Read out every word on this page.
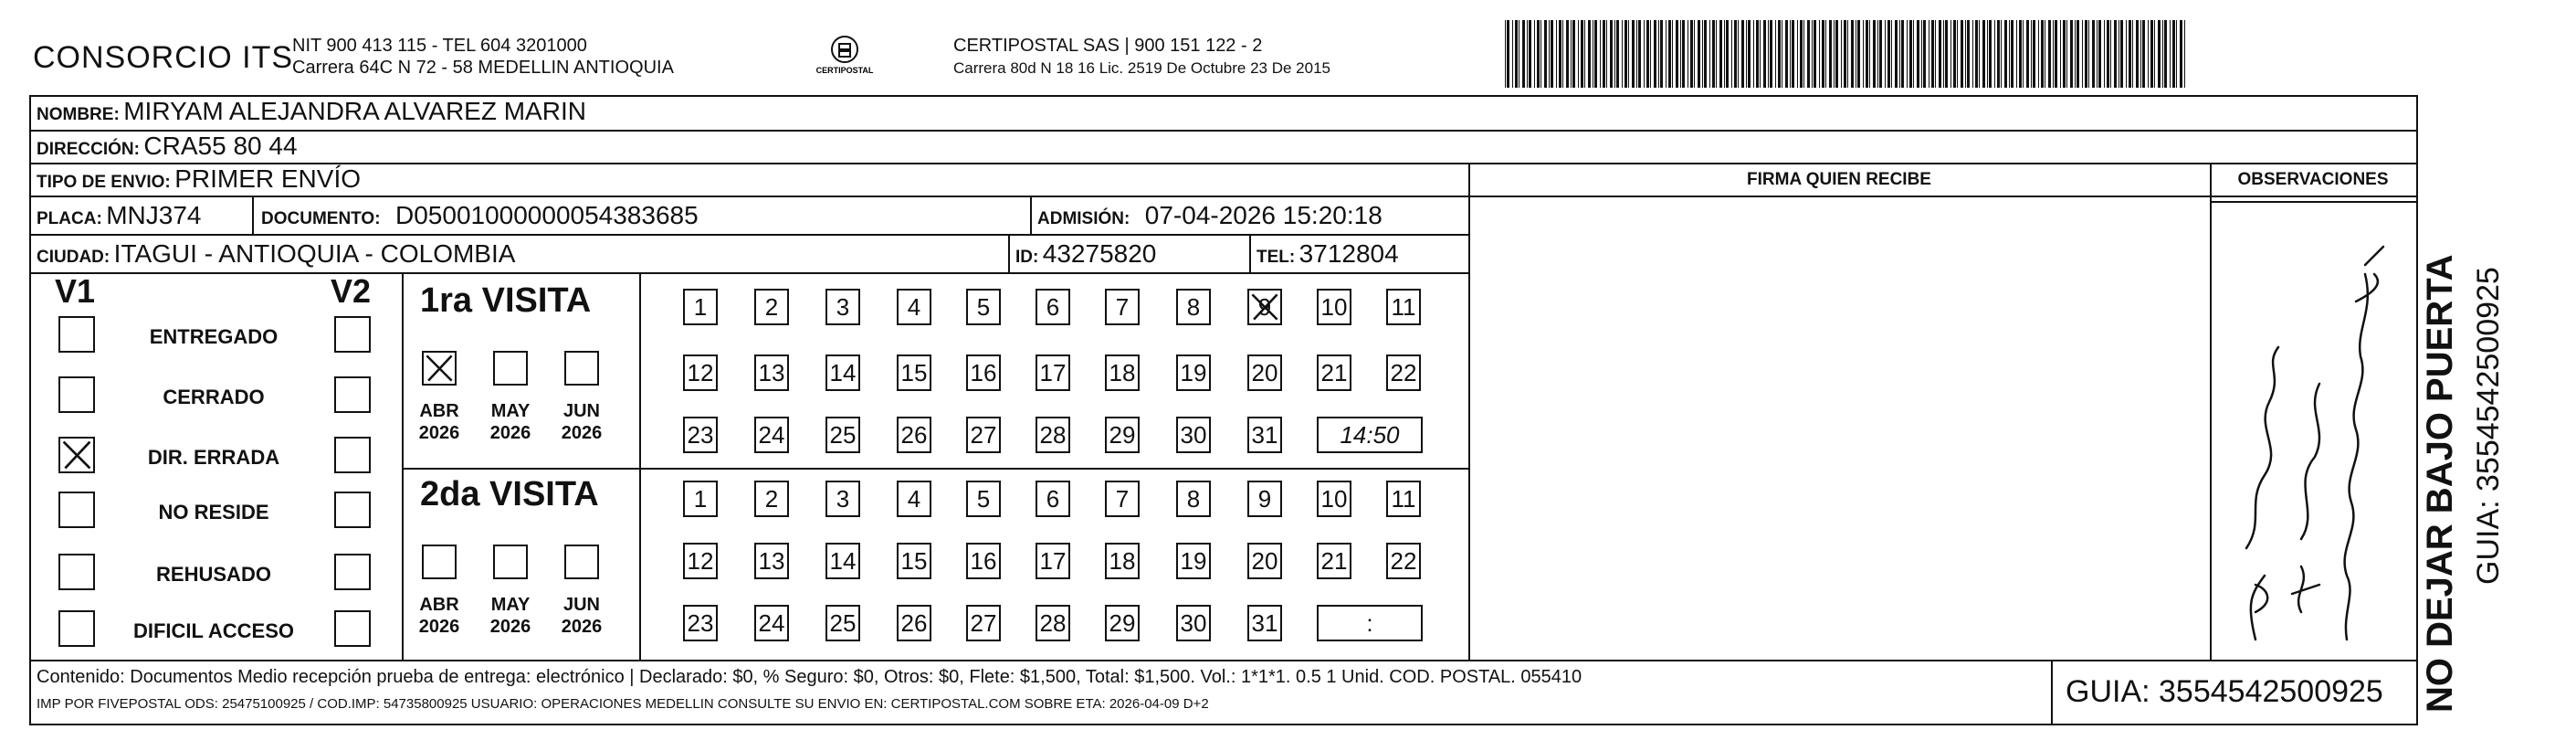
CONSORCIO ITS
NIT 900 413 115 - TEL 604 3201000
Carrera 64C N 72 - 58 MEDELLIN ANTIOQUIA	CERTIPOSTAL
CERTIPOSTAL SAS | 900 151 122 - 2
Carrera 80d N 18 16 Lic. 2519 De Octubre 23 De 2015
NOMBRE: MIRYAM ALEJANDRA ALVAREZ MARIN
DIRECCIÓN: CRA55 80 44
TIPO DE ENVIO: PRIMER ENVÍO	FIRMA QUIEN RECIBE	OBSERVACIONES
PLACA: MNJ374	DOCUMENTO: D05001000000054383685	ADMISIÓN: 07-04-2026 15:20:18
CIUDAD: ITAGUI - ANTIOQUIA - COLOMBIA	ID: 43275820	TEL: 3712804
V1	V2
ENTREGADO
CERRADO
DIR. ERRADA
NO RESIDE
REHUSADO
DIFICIL ACCESO
1ra VISITA
2da VISITA
ABR
2026
MAY
2026
JUN
2026
ABR
2026
MAY
2026
JUN
2026
1	2	3	4	5	6	7	8	9 10 11
12 13 14 15 16 17 18 19 20 21 22
23 24 25 26 27 28 29 30 31	14:50
1	2	3	4	5	6	7	8	9	10 11
12 13 14 15 16 17 18 19 20 21 22
23 24 25 26 27 28 29 30 31	:	NO DEJAR BAJO PUERTA GUIA: 3554542500925
Contenido: Documentos Medio recepción prueba de entrega: electrónico | Declarado: $0, % Seguro: $0, Otros: $0, Flete: $1,500, Total: $1,500. Vol.: 1*1*1. 0.5 1 Unid. COD. POSTAL. 055410
IMP POR FIVEPOSTAL ODS: 25475100925 / COD.IMP: 54735800925 USUARIO: OPERACIONES MEDELLIN CONSULTE SU ENVIO EN: CERTIPOSTAL.COM SOBRE ETA: 2026-04-09 D+2	GUIA: 3554542500925
